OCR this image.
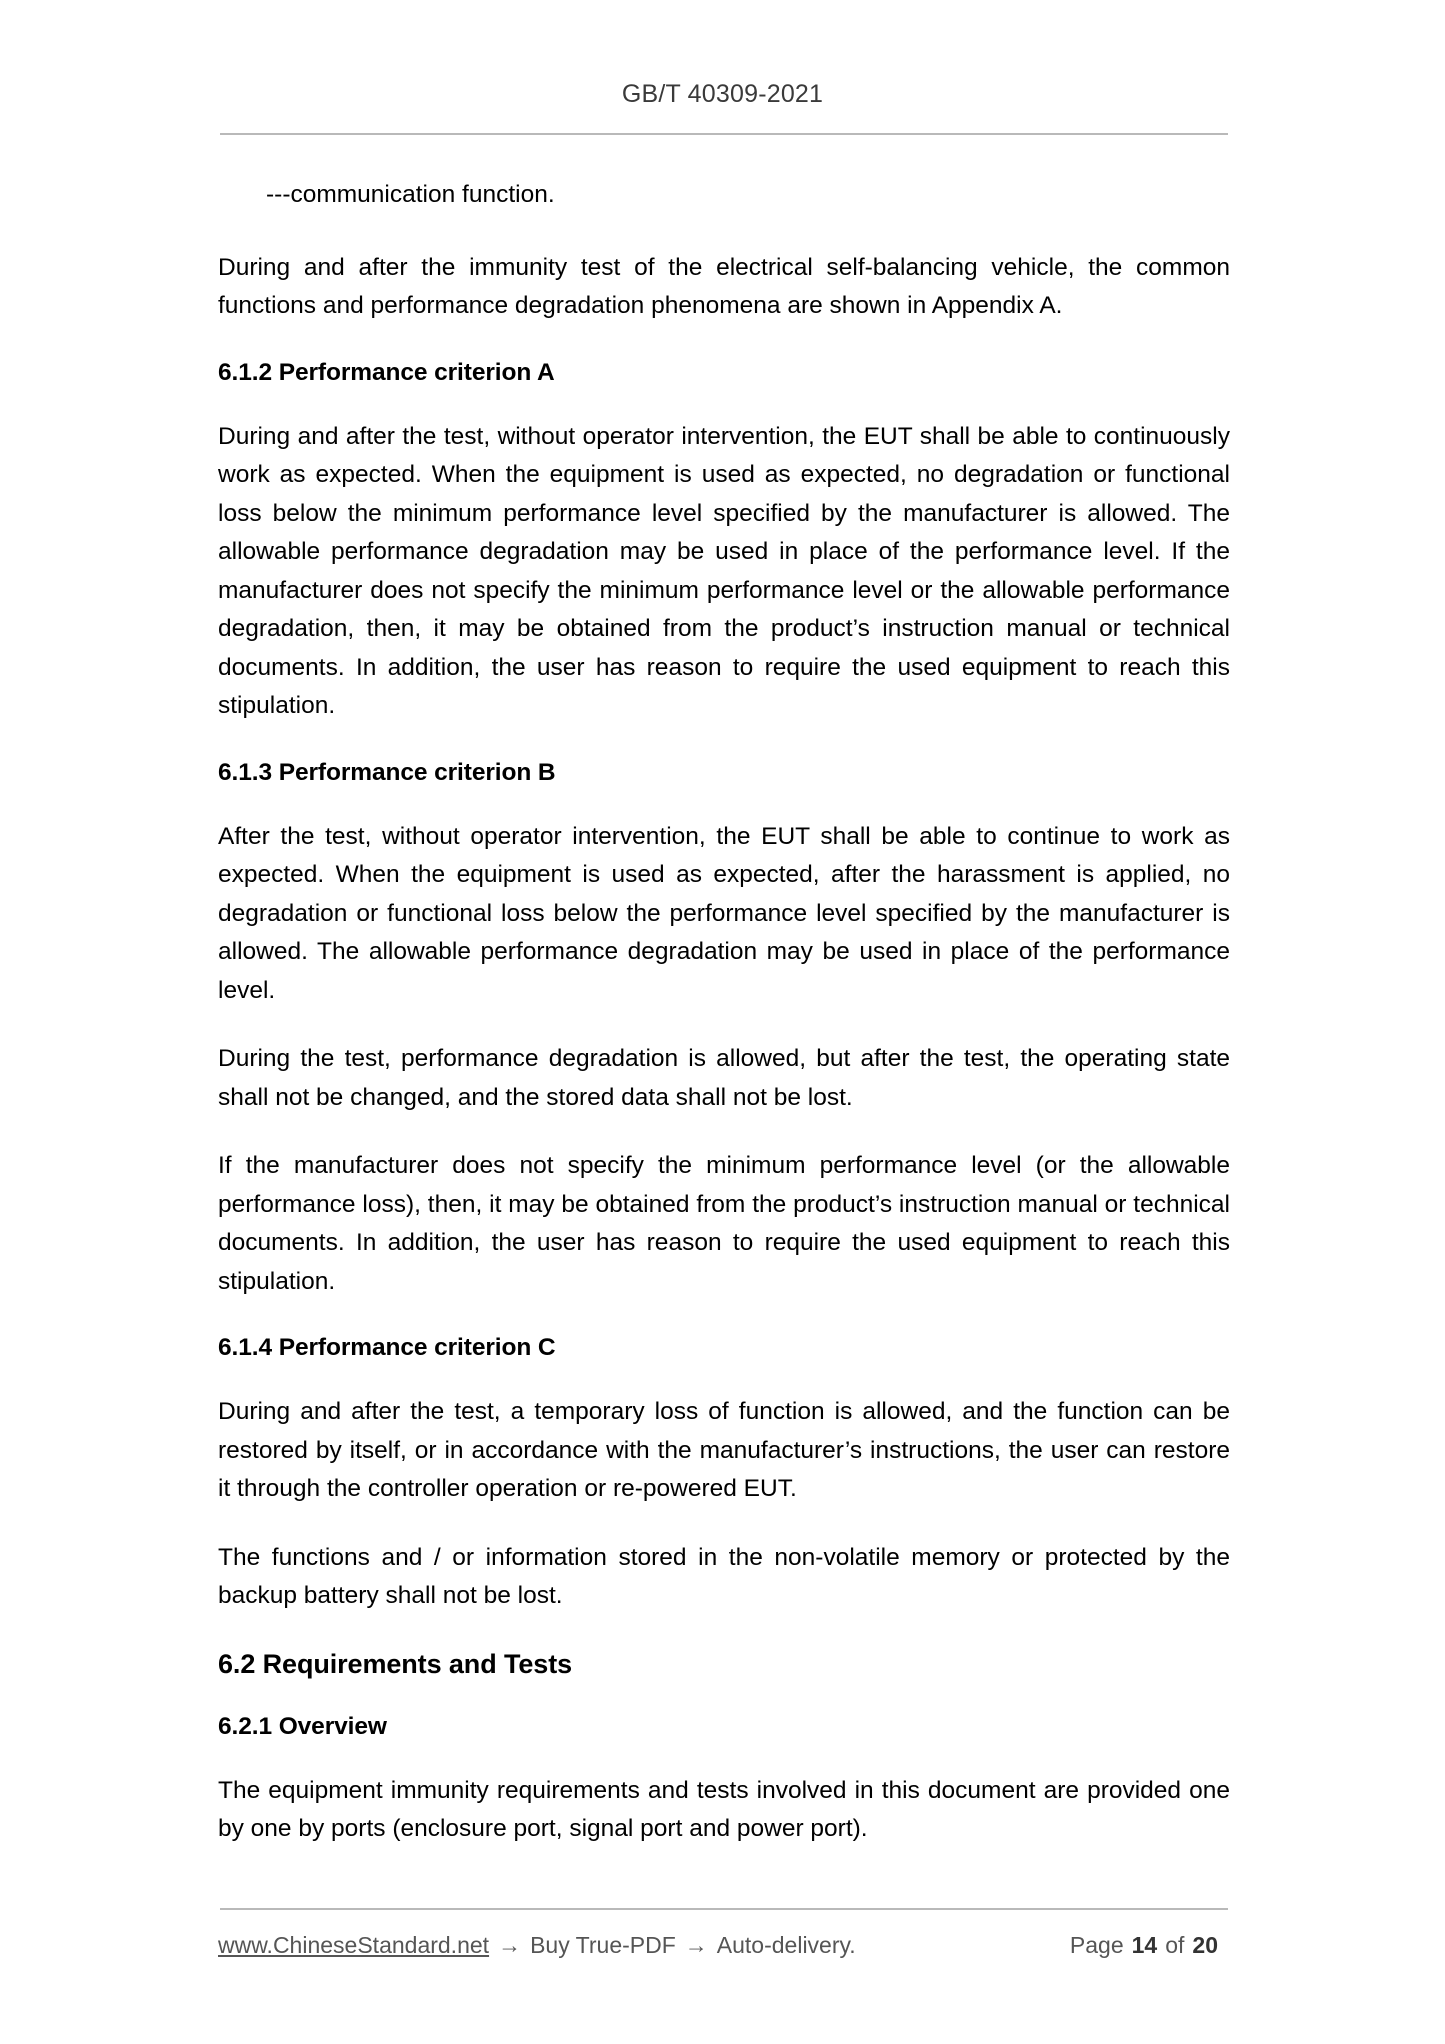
GB/T 40309-2021

---communication function.

During and after the immunity test of the electrical self-balancing vehicle, the common functions and performance degradation phenomena are shown in Appendix A.

6.1.2 Performance criterion A

During and after the test, without operator intervention, the EUT shall be able to continuously work as expected. When the equipment is used as expected, no degradation or functional loss below the minimum performance level specified by the manufacturer is allowed. The allowable performance degradation may be used in place of the performance level. If the manufacturer does not specify the minimum performance level or the allowable performance degradation, then, it may be obtained from the product’s instruction manual or technical documents. In addition, the user has reason to require the used equipment to reach this stipulation.

6.1.3 Performance criterion B

After the test, without operator intervention, the EUT shall be able to continue to work as expected. When the equipment is used as expected, after the harassment is applied, no degradation or functional loss below the performance level specified by the manufacturer is allowed. The allowable performance degradation may be used in place of the performance level.

During the test, performance degradation is allowed, but after the test, the operating state shall not be changed, and the stored data shall not be lost.

If the manufacturer does not specify the minimum performance level (or the allowable performance loss), then, it may be obtained from the product’s instruction manual or technical documents. In addition, the user has reason to require the used equipment to reach this stipulation.

6.1.4 Performance criterion C

During and after the test, a temporary loss of function is allowed, and the function can be restored by itself, or in accordance with the manufacturer’s instructions, the user can restore it through the controller operation or re-powered EUT.

The functions and / or information stored in the non-volatile memory or protected by the backup battery shall not be lost.

6.2 Requirements and Tests
6.2.1 Overview

The equipment immunity requirements and tests involved in this document are provided one by one by ports (enclosure port, signal port and power port).

www.ChineseStandard.net → Buy True-PDF → Auto-delivery.	Page 14 of 20
